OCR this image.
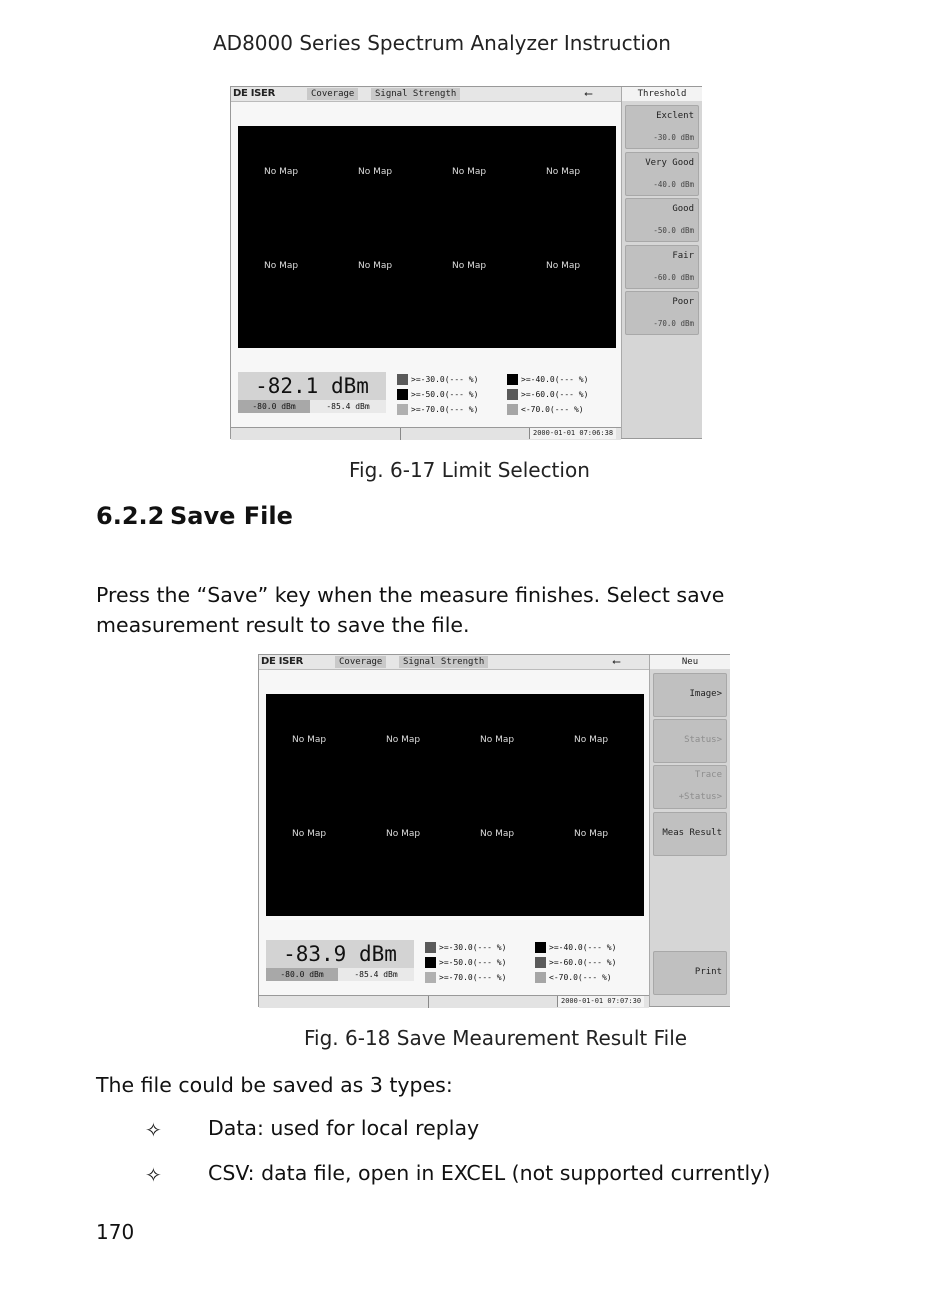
AD8000 Series Spectrum Analyzer Instruction
DE ISER	Coverage	Signal Strength	⭠
No Map	No Map	No Map	No Map
No Map	No Map	No Map	No Map
-82.1 dBm
-80.0 dBm	-85.4 dBm
>=-30.0(--- %)	>=-40.0(--- %)
>=-50.0(--- %)	>=-60.0(--- %)
>=-70.0(--- %)	<-70.0(--- %)
2000-01-01 07:06:38
Threshold
Exclent
-30.0 dBm
Very Good
-40.0 dBm
Good
-50.0 dBm
Fair
-60.0 dBm
Poor
-70.0 dBm
Fig. 6-17 Limit Selection
6.2.2 Save File
Press the “Save” key when the measure finishes. Select save measurement result to save the file.
DE ISER	Coverage	Signal Strength	⭠
No Map	No Map	No Map	No Map
No Map	No Map	No Map	No Map
-83.9 dBm
-80.0 dBm	-85.4 dBm
>=-30.0(--- %)	>=-40.0(--- %)
>=-50.0(--- %)	>=-60.0(--- %)
>=-70.0(--- %)	<-70.0(--- %)
2000-01-01 07:07:30
Neu
Image>
Status>
Trace
+Status>
Meas Result
Print
Fig. 6-18 Save Meaurement Result File
The file could be saved as 3 types:
✧ Data: used for local replay
✧ CSV: data file, open in EXCEL (not supported currently)
170
